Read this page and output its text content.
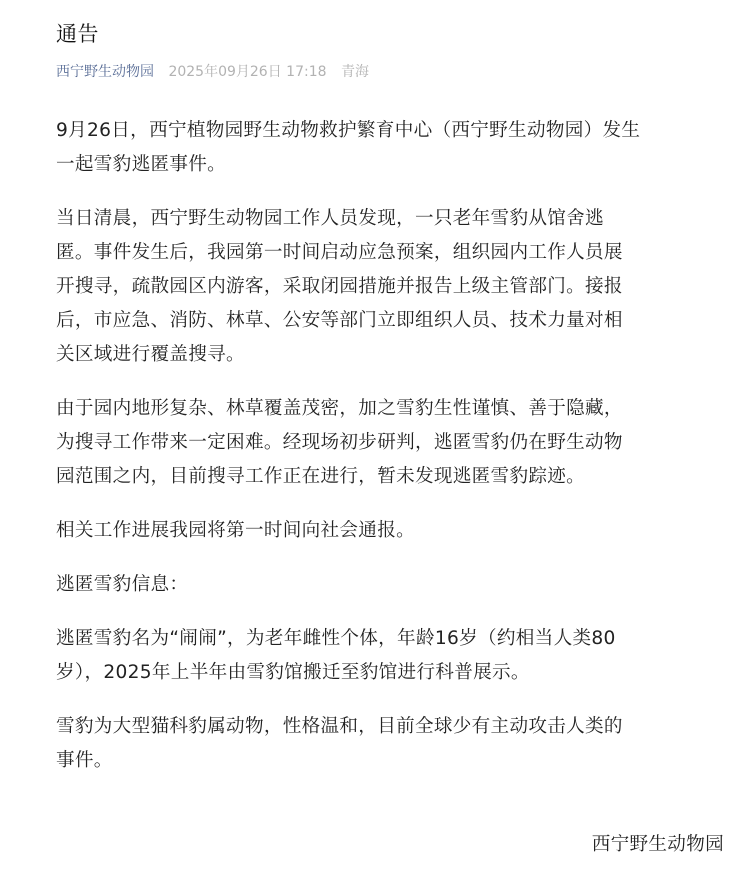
通告
西宁野生动物园 2025年09月26日 17:18 青海

9月26日，西宁植物园野生动物救护繁育中心（西宁野生动物园）发生
一起雪豹逃匿事件。

当日清晨，西宁野生动物园工作人员发现，一只老年雪豹从馆舍逃
匿。事件发生后，我园第一时间启动应急预案，组织园内工作人员展
开搜寻，疏散园区内游客，采取闭园措施并报告上级主管部门。接报
后，市应急、消防、林草、公安等部门立即组织人员、技术力量对相
关区域进行覆盖搜寻。

由于园内地形复杂、林草覆盖茂密，加之雪豹生性谨慎、善于隐藏，
为搜寻工作带来一定困难。经现场初步研判，逃匿雪豹仍在野生动物
园范围之内，目前搜寻工作正在进行，暂未发现逃匿雪豹踪迹。

相关工作进展我园将第一时间向社会通报。

逃匿雪豹信息：

逃匿雪豹名为“闹闹”，为老年雌性个体，年龄16岁（约相当人类80
岁），2025年上半年由雪豹馆搬迁至豹馆进行科普展示。

雪豹为大型猫科豹属动物，性格温和，目前全球少有主动攻击人类的
事件。

西宁野生动物园
